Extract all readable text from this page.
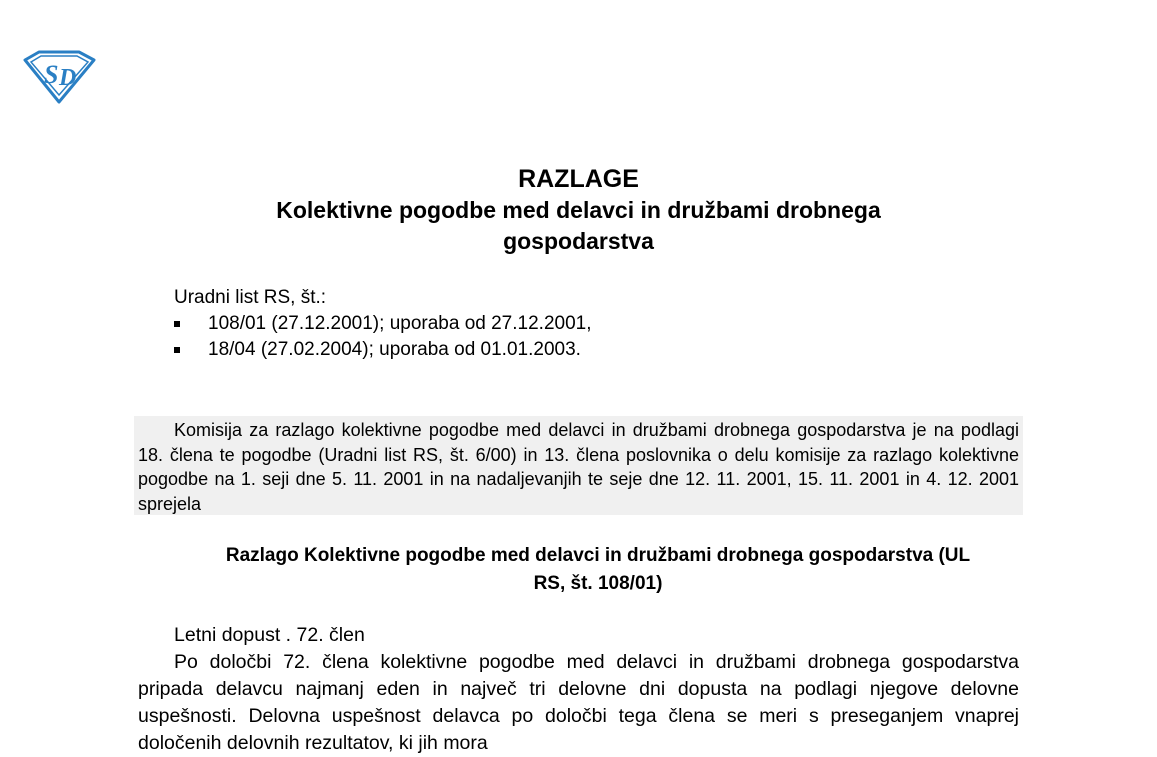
S D
RAZLAGE
Kolektivne pogodbe med delavci in družbami drobnega gospodarstva
Uradni list RS, št.:
108/01 (27.12.2001); uporaba od 27.12.2001,
18/04 (27.02.2004); uporaba od 01.01.2003.
Komisija za razlago kolektivne pogodbe med delavci in družbami drobnega gospodarstva je na podlagi 18. člena te pogodbe (Uradni list RS, št. 6/00) in 13. člena poslovnika o delu komisije za razlago kolektivne pogodbe na 1. seji dne 5. 11. 2001 in na nadaljevanjih te seje dne 12. 11. 2001, 15. 11. 2001 in 4. 12. 2001 sprejela
Razlago Kolektivne pogodbe med delavci in družbami drobnega gospodarstva (UL RS, št. 108/01)
Letni dopust . 72. člen

Po določbi 72. člena kolektivne pogodbe med delavci in družbami drobnega gospodarstva pripada delavcu najmanj eden in največ tri delovne dni dopusta na podlagi njegove delovne uspešnosti. Delovna uspešnost delavca po določbi tega člena se meri s preseganjem vnaprej določenih delovnih rezultatov, ki jih mora
